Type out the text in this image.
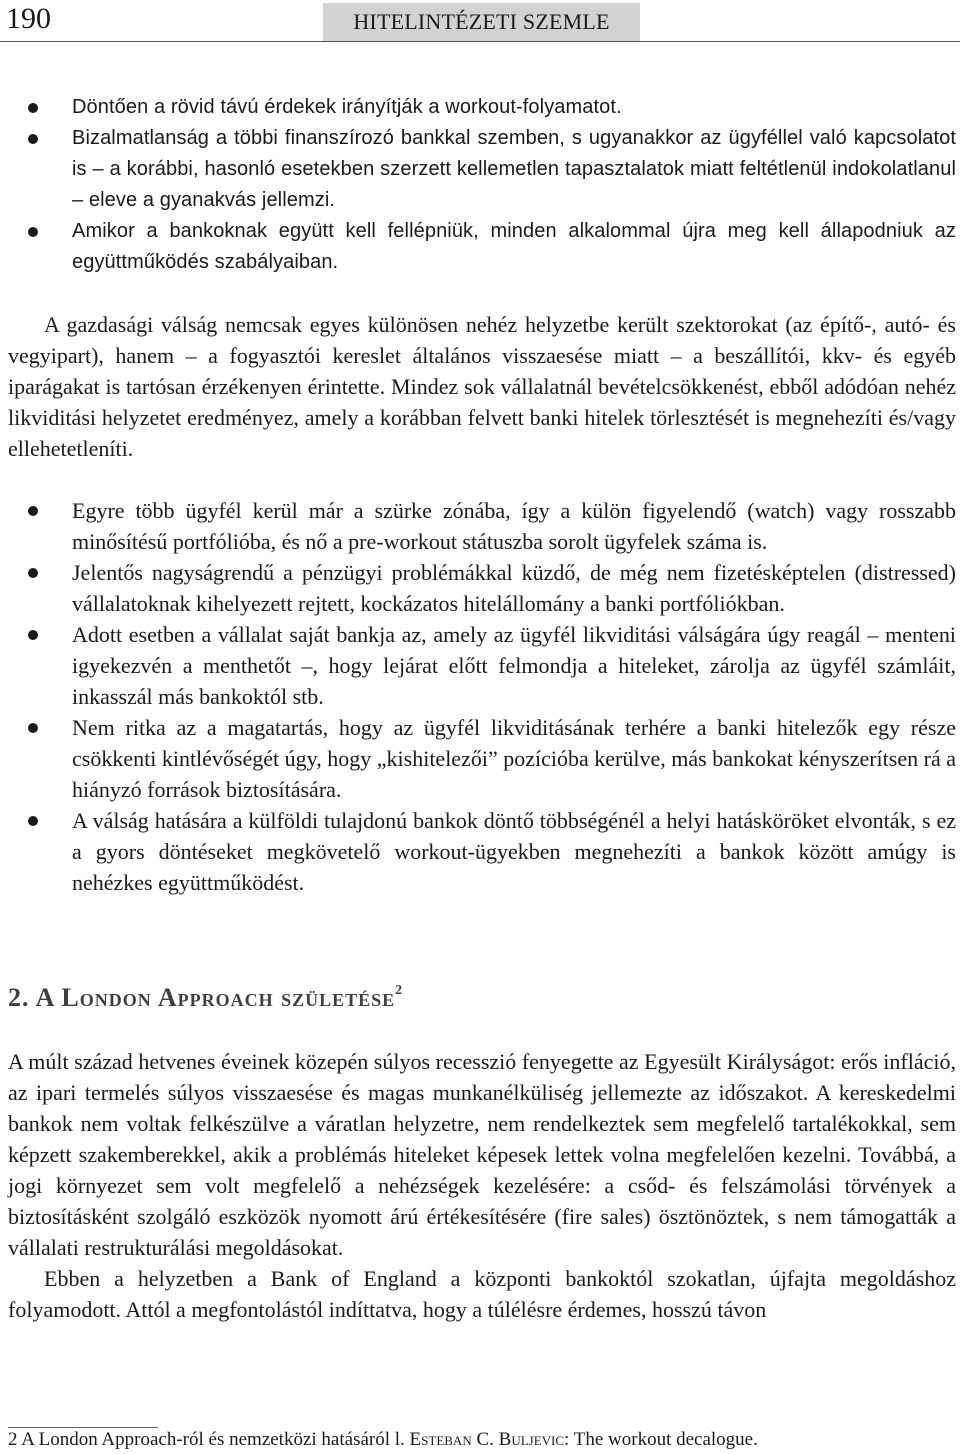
190	HITELINTÉZETI SZEMLE
Döntően a rövid távú érdekek irányítják a workout-folyamatot.
Bizalmatlanság a többi finanszírozó bankkal szemben, s ugyanakkor az ügyféllel való kapcsolatot is – a korábbi, hasonló esetekben szerzett kellemetlen tapasztalatok miatt feltétlenül indokolatlanul – eleve a gyanakvás jellemzi.
Amikor a bankoknak együtt kell fellépniük, minden alkalommal újra meg kell állapodniuk az együttműködés szabályaiban.

A gazdasági válság nemcsak egyes különösen nehéz helyzetbe került szektorokat (az építő-, autó- és vegyipart), hanem – a fogyasztói kereslet általános visszaesése miatt – a beszállítói, kkv- és egyéb iparágakat is tartósan érzékenyen érintette. Mindez sok vállalatnál bevételcsökkenést, ebből adódóan nehéz likviditási helyzetet eredményez, amely a korábban felvett banki hitelek törlesztését is megnehezíti és/vagy ellehetetleníti.

Egyre több ügyfél kerül már a szürke zónába, így a külön figyelendő (watch) vagy rosszabb minősítésű portfólióba, és nő a pre-workout státuszba sorolt ügyfelek száma is.
Jelentős nagyságrendű a pénzügyi problémákkal küzdő, de még nem fizetésképtelen (distressed) vállalatoknak kihelyezett rejtett, kockázatos hitelállomány a banki portfóliókban.
Adott esetben a vállalat saját bankja az, amely az ügyfél likviditási válságára úgy reagál – menteni igyekezvén a menthetőt –, hogy lejárat előtt felmondja a hiteleket, zárolja az ügyfél számláit, inkasszál más bankoktól stb.
Nem ritka az a magatartás, hogy az ügyfél likviditásának terhére a banki hitelezők egy része csökkenti kintlévőségét úgy, hogy „kishitelezői” pozícióba kerülve, más bankokat kényszerítsen rá a hiányzó források biztosítására.
A válság hatására a külföldi tulajdonú bankok döntő többségénél a helyi hatásköröket elvonták, s ez a gyors döntéseket megkövetelő workout-ügyekben megnehezíti a bankok között amúgy is nehézkes együttműködést.
2. A London Approach születése$^2$

A múlt század hetvenes éveinek közepén súlyos recesszió fenyegette az Egyesült Királyságot: erős infláció, az ipari termelés súlyos visszaesése és magas munkanélküliség jellemezte az időszakot. A kereskedelmi bankok nem voltak felkészülve a váratlan helyzetre, nem rendelkeztek sem megfelelő tartalékokkal, sem képzett szakemberekkel, akik a problémás hiteleket képesek lettek volna megfelelően kezelni. Továbbá, a jogi környezet sem volt megfelelő a nehézségek kezelésére: a csőd- és felszámolási törvények a biztosításként szolgáló eszközök nyomott árú értékesítésére (fire sales) ösztönöztek, s nem támogatták a vállalati restrukturálási megoldásokat.

Ebben a helyzetben a Bank of England a központi bankoktól szokatlan, újfajta megoldáshoz folyamodott. Attól a megfontolástól indíttatva, hogy a túlélésre érdemes, hosszú távon

2 A London Approach-ról és nemzetközi hatásáról l. Esteban C. Buljevic: The workout decalogue.
